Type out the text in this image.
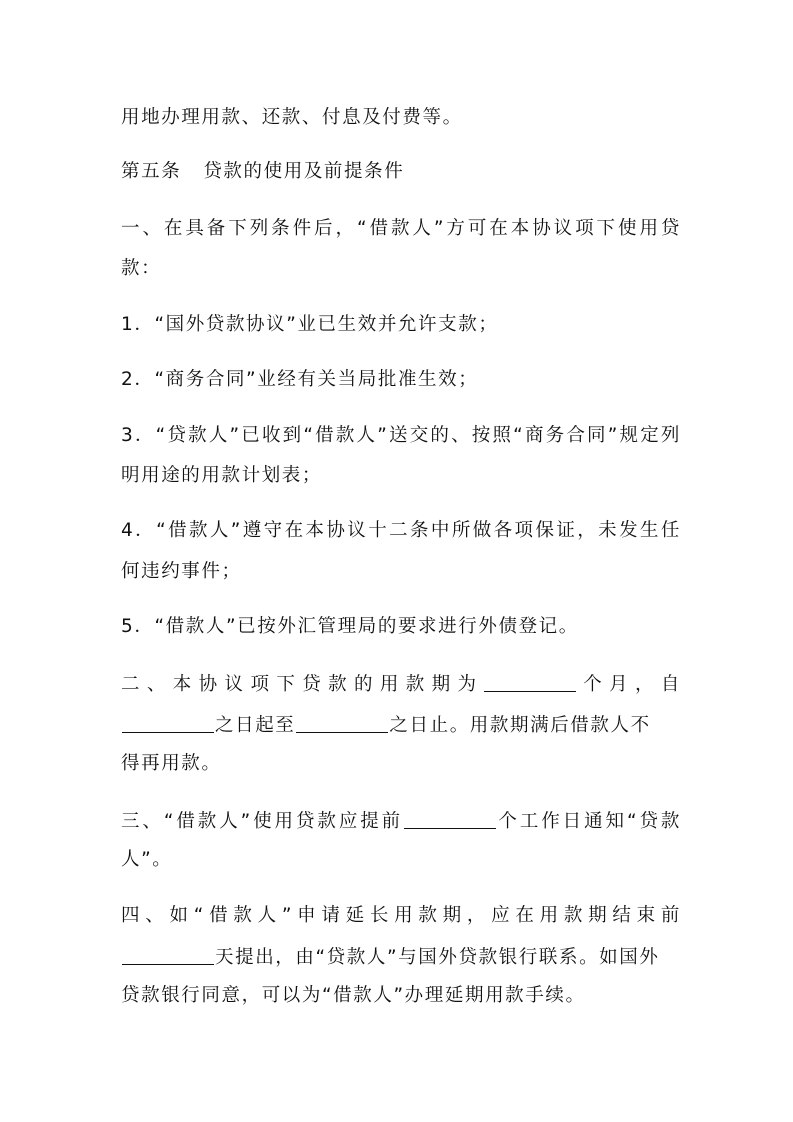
用地办理用款、还款、付息及付费等。
第五条 贷款的使用及前提条件
一、在具备下列条件后，“借款人”方可在本协议项下使用贷
款：
1．“国外贷款协议”业已生效并允许支款；
2．“商务合同”业经有关当局批准生效；
3．“贷款人”已收到“借款人”送交的、按照“商务合同”规定列
明用途的用款计划表；
4．“借款人”遵守在本协议十二条中所做各项保证，未发生任
何违约事件；
5．“借款人”已按外汇管理局的要求进行外债登记。
二、本协议项下贷款的用款期为	个月，自
之日起至	之日止。用款期满后借款人不
得再用款。
三、“借款人”使用贷款应提前	个工作日通知“贷款
人”。
四、如“借款人”申请延长用款期，应在用款期结束前
天提出，由“贷款人”与国外贷款银行联系。如国外
贷款银行同意，可以为“借款人”办理延期用款手续。
